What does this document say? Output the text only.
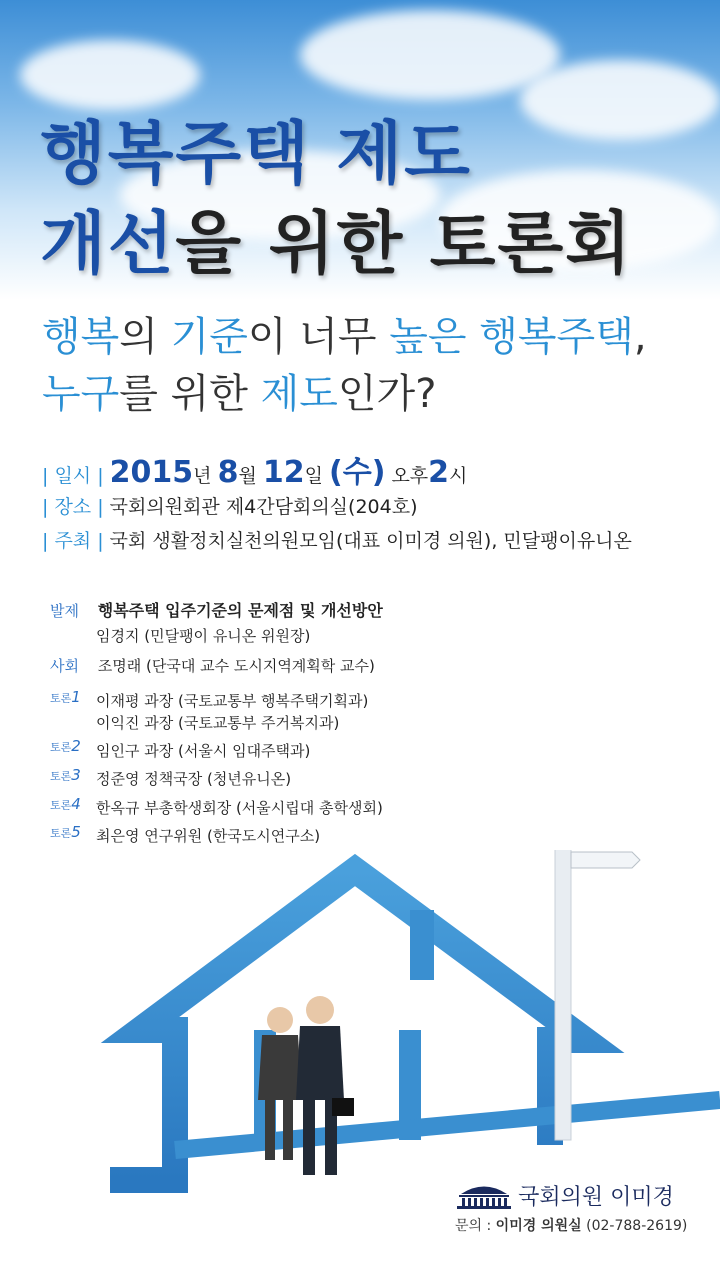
행복주택 제도
개선을 위한 토론회
행복의 기준이 너무 높은 행복주택,
누구를 위한 제도인가?
| 일시 | 2015년 8월 12일 (수) 오후2시
| 장소 | 국회의원회관 제4간담회의실(204호)
| 주최 | 국회 생활정치실천의원모임(대표 이미경 의원), 민달팽이유니온
발제 행복주택 입주기준의 문제점 및 개선방안
임경지 (민달팽이 유니온 위원장)
사회 조명래 (단국대 교수 도시지역계획학 교수)
토론1 이재평 과장 (국토교통부 행복주택기획과)
이익진 과장 (국토교통부 주거복지과)
토론2 임인구 과장 (서울시 임대주택과)
토론3 정준영 정책국장 (청년유니온)
토론4 한옥규 부총학생회장 (서울시립대 총학생회)
토론5 최은영 연구위원 (한국도시연구소)
국회의원 이미경
문의 : 이미경 의원실 (02-788-2619)
